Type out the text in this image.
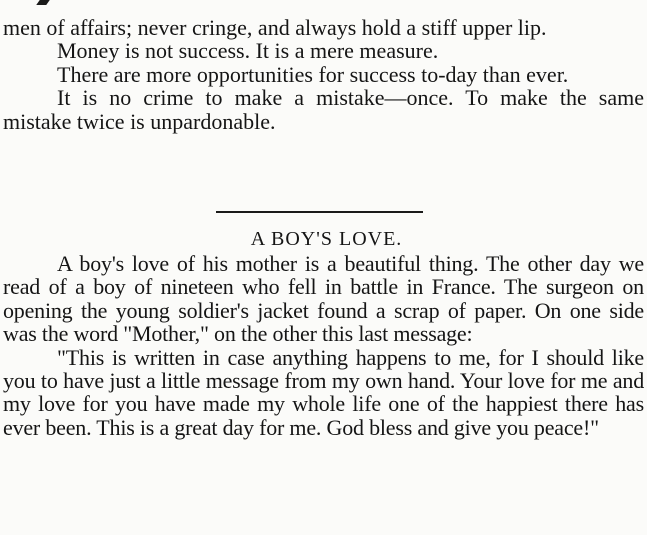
men of affairs; never cringe, and always hold a stiff upper lip.

Money is not success. It is a mere measure.

There are more opportunities for success to-day than ever.

It is no crime to make a mistake—once. To make the same mistake twice is unpardonable.

A BOY'S LOVE.

A boy's love of his mother is a beautiful thing. The other day we read of a boy of nineteen who fell in battle in France. The surgeon on opening the young soldier's jacket found a scrap of paper. On one side was the word "Mother," on the other this last message:

"This is written in case anything happens to me, for I should like you to have just a little message from my own hand. Your love for me and my love for you have made my whole life one of the happiest there has ever been. This is a great day for me. God bless and give you peace!"
